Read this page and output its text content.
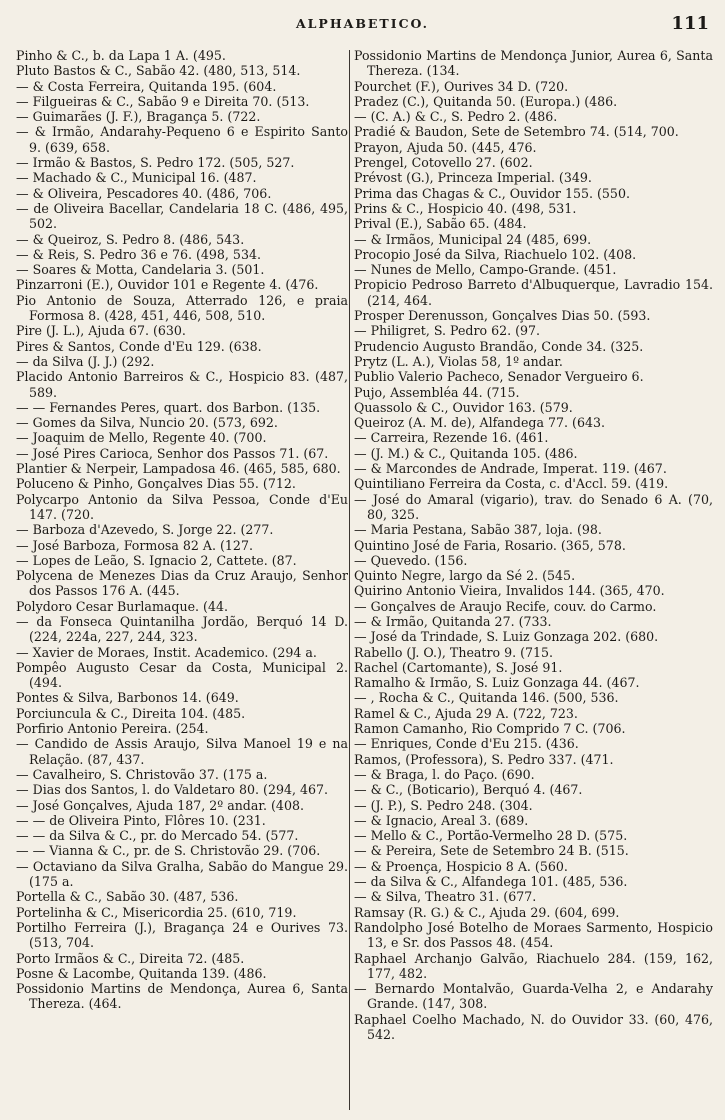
ALPHABETICO.	111
Pinho & C., b. da Lapa 1 A. (495.
Pluto Bastos & C., Sabão 42. (480, 513, 514.
— & Costa Ferreira, Quitanda 195. (604.
— Filgueiras & C., Sabão 9 e Direita 70. (513.
— Guimarães (J. F.), Bragança 5. (722.
— & Irmão, Andarahy-Pequeno 6 e Espirito Santo 9. (639, 658.
— Irmão & Bastos, S. Pedro 172. (505, 527.
— Machado & C., Municipal 16. (487.
— & Oliveira, Pescadores 40. (486, 706.
— de Oliveira Bacellar, Candelaria 18 C. (486, 495, 502.
— & Queiroz, S. Pedro 8. (486, 543.
— & Reis, S. Pedro 36 e 76. (498, 534.
— Soares & Motta, Candelaria 3. (501.
Pinzarroni (E.), Ouvidor 101 e Regente 4. (476.
Pio Antonio de Souza, Atterrado 126, e praia Formosa 8. (428, 451, 446, 508, 510.
Pire (J. L.), Ajuda 67. (630.
Pires & Santos, Conde d'Eu 129. (638.
— da Silva (J. J.) (292.
Placido Antonio Barreiros & C., Hospicio 83. (487, 589.
— — Fernandes Peres, quart. dos Barbon. (135.
— Gomes da Silva, Nuncio 20. (573, 692.
— Joaquim de Mello, Regente 40. (700.
— José Pires Carioca, Senhor dos Passos 71. (67.
Plantier & Nerpeir, Lampadosa 46. (465, 585, 680.
Poluceno & Pinho, Gonçalves Dias 55. (712.
Polycarpo Antonio da Silva Pessoa, Conde d'Eu 147. (720.
— Barboza d'Azevedo, S. Jorge 22. (277.
— José Barboza, Formosa 82 A. (127.
— Lopes de Leão, S. Ignacio 2, Cattete. (87.
Polycena de Menezes Dias da Cruz Araujo, Senhor dos Passos 176 A. (445.
Polydoro Cesar Burlamaque. (44.
— da Fonseca Quintanilha Jordão, Berquó 14 D. (224, 224a, 227, 244, 323.
— Xavier de Moraes, Instit. Academico. (294 a.
Pompêo Augusto Cesar da Costa, Municipal 2. (494.
Pontes & Silva, Barbonos 14. (649.
Porciuncula & C., Direita 104. (485.
Porfirio Antonio Pereira. (254.
— Candido de Assis Araujo, Silva Manoel 19 e na Relação. (87, 437.
— Cavalheiro, S. Christovão 37. (175 a.
— Dias dos Santos, l. do Valdetaro 80. (294, 467.
— José Gonçalves, Ajuda 187, 2º andar. (408.
— — de Oliveira Pinto, Flôres 10. (231.
— — da Silva & C., pr. do Mercado 54. (577.
— — Vianna & C., pr. de S. Christovão 29. (706.
— Octaviano da Silva Gralha, Sabão do Mangue 29. (175 a.
Portella & C., Sabão 30. (487, 536.
Portelinha & C., Misericordia 25. (610, 719.
Portilho Ferreira (J.), Bragança 24 e Ourives 73. (513, 704.
Porto Irmãos & C., Direita 72. (485.
Posne & Lacombe, Quitanda 139. (486.
Possidonio Martins de Mendonça, Aurea 6, Santa Thereza. (464.
Possidonio Martins de Mendonça Junior, Aurea 6, Santa Thereza. (134.
Pourchet (F.), Ourives 34 D. (720.
Pradez (C.), Quitanda 50. (Europa.) (486.
— (C. A.) & C., S. Pedro 2. (486.
Pradié & Baudon, Sete de Setembro 74. (514, 700.
Prayon, Ajuda 50. (445, 476.
Prengel, Cotovello 27. (602.
Prévost (G.), Princeza Imperial. (349.
Prima das Chagas & C., Ouvidor 155. (550.
Prins & C., Hospicio 40. (498, 531.
Prival (E.), Sabão 65. (484.
— & Irmãos, Municipal 24 (485, 699.
Procopio José da Silva, Riachuelo 102. (408.
— Nunes de Mello, Campo-Grande. (451.
Propicio Pedroso Barreto d'Albuquerque, Lavradio 154. (214, 464.
Prosper Derenusson, Gonçalves Dias 50. (593.
— Philigret, S. Pedro 62. (97.
Prudencio Augusto Brandão, Conde 34. (325.
Prytz (L. A.), Violas 58, 1º andar.
Publio Valerio Pacheco, Senador Vergueiro 6.
Pujo, Assembléa 44. (715.
Quassolo & C., Ouvidor 163. (579.
Queiroz (A. M. de), Alfandega 77. (643.
— Carreira, Rezende 16. (461.
— (J. M.) & C., Quitanda 105. (486.
— & Marcondes de Andrade, Imperat. 119. (467.
Quintiliano Ferreira da Costa, c. d'Accl. 59. (419.
— José do Amaral (vigario), trav. do Senado 6 A. (70, 80, 325.
— Maria Pestana, Sabão 387, loja. (98.
Quintino José de Faria, Rosario. (365, 578.
— Quevedo. (156.
Quinto Negre, largo da Sé 2. (545.
Quirino Antonio Vieira, Invalidos 144. (365, 470.
— Gonçalves de Araujo Recife, couv. do Carmo.
— & Irmão, Quitanda 27. (733.
— José da Trindade, S. Luiz Gonzaga 202. (680.
Rabello (J. O.), Theatro 9. (715.
Rachel (Cartomante), S. José 91.
Ramalho & Irmão, S. Luiz Gonzaga 44. (467.
— , Rocha & C., Quitanda 146. (500, 536.
Ramel & C., Ajuda 29 A. (722, 723.
Ramon Camanho, Rio Comprido 7 C. (706.
— Enriques, Conde d'Eu 215. (436.
Ramos, (Professora), S. Pedro 337. (471.
— & Braga, l. do Paço. (690.
— & C., (Boticario), Berquó 4. (467.
— (J. P.), S. Pedro 248. (304.
— & Ignacio, Areal 3. (689.
— Mello & C., Portão-Vermelho 28 D. (575.
— & Pereira, Sete de Setembro 24 B. (515.
— & Proença, Hospicio 8 A. (560.
— da Silva & C., Alfandega 101. (485, 536.
— & Silva, Theatro 31. (677.
Ramsay (R. G.) & C., Ajuda 29. (604, 699.
Randolpho José Botelho de Moraes Sarmento, Hospicio 13, e Sr. dos Passos 48. (454.
Raphael Archanjo Galvão, Riachuelo 284. (159, 162, 177, 482.
— Bernardo Montalvão, Guarda-Velha 2, e Andarahy Grande. (147, 308.
Raphael Coelho Machado, N. do Ouvidor 33. (60, 476, 542.
